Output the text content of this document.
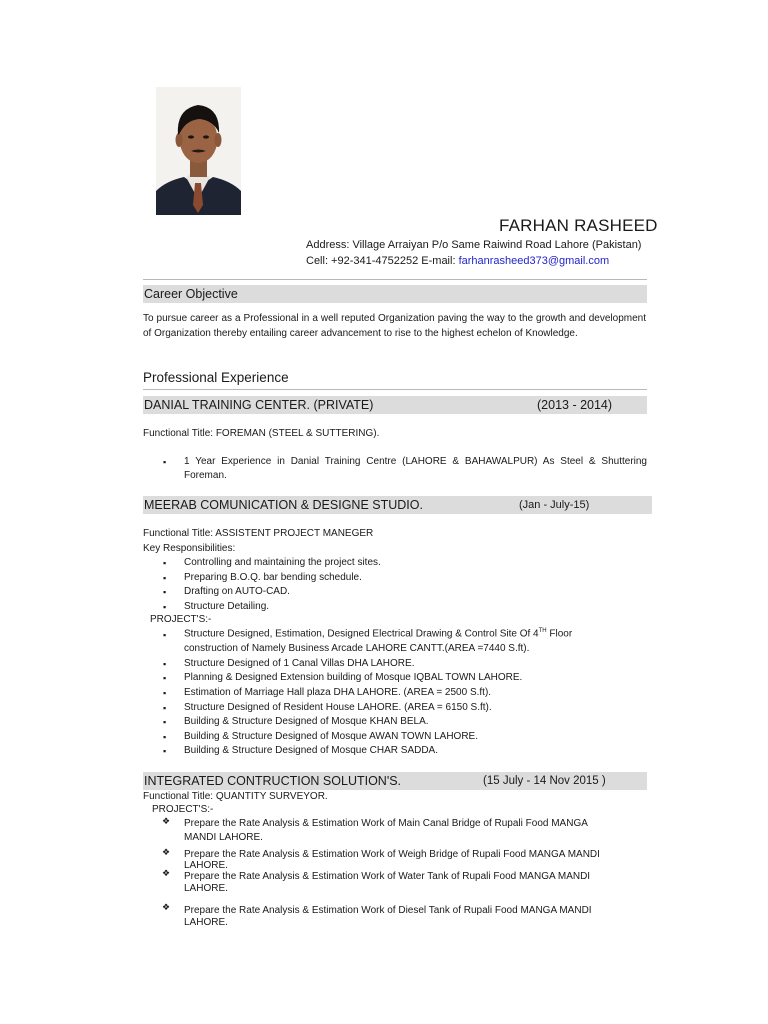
FARHAN RASHEED
Address: Village Arraiyan P/o Same Raiwind Road Lahore (Pakistan)
Cell: +92-341-4752252 E-mail: farhanrasheed373@gmail.com
Career Objective
To pursue career as a Professional in a well reputed Organization paving the way to the growth and development of Organization thereby entailing career advancement to rise to the highest echelon of Knowledge.
Professional Experience
DANIAL TRAINING CENTER. (PRIVATE)	(2013 - 2014)
Functional Title: FOREMAN (STEEL & SUTTERING).
▪	1 Year Experience in Danial Training Centre (LAHORE & BAHAWALPUR) As Steel & Shuttering Foreman.
MEERAB COMUNICATION & DESIGNE STUDIO.	(Jan - July-15)
Functional Title: ASSISTENT PROJECT MANEGER
Key Responsibilities:
▪	Controlling and maintaining the project sites.
▪	Preparing B.O.Q. bar bending schedule.
▪	Drafting on AUTO-CAD.
▪	Structure Detailing.
PROJECT'S:-
▪	Structure Designed, Estimation, Designed Electrical Drawing & Control Site Of 4TH Floor
construction of Namely Business Arcade LAHORE CANTT.(AREA =7440 S.ft).
▪	Structure Designed of 1 Canal Villas DHA LAHORE.
▪	Planning & Designed Extension building of Mosque IQBAL TOWN LAHORE.
▪	Estimation of Marriage Hall plaza DHA LAHORE. (AREA = 2500 S.ft).
▪	Structure Designed of Resident House LAHORE. (AREA = 6150 S.ft).
▪	Building & Structure Designed of Mosque KHAN BELA.
▪	Building & Structure Designed of Mosque AWAN TOWN LAHORE.
▪	Building & Structure Designed of Mosque CHAR SADDA.
INTEGRATED CONTRUCTION SOLUTION'S.	(15 July - 14 Nov 2015 )
Functional Title: QUANTITY SURVEYOR.
PROJECT'S:-
❖ Prepare the Rate Analysis & Estimation Work of Main Canal Bridge of Rupali Food MANGA
MANDI LAHORE.
❖ Prepare the Rate Analysis & Estimation Work of Weigh Bridge of Rupali Food MANGA MANDI
LAHORE.
❖ Prepare the Rate Analysis & Estimation Work of Water Tank of Rupali Food MANGA MANDI
LAHORE.
❖ Prepare the Rate Analysis & Estimation Work of Diesel Tank of Rupali Food MANGA MANDI
LAHORE.
